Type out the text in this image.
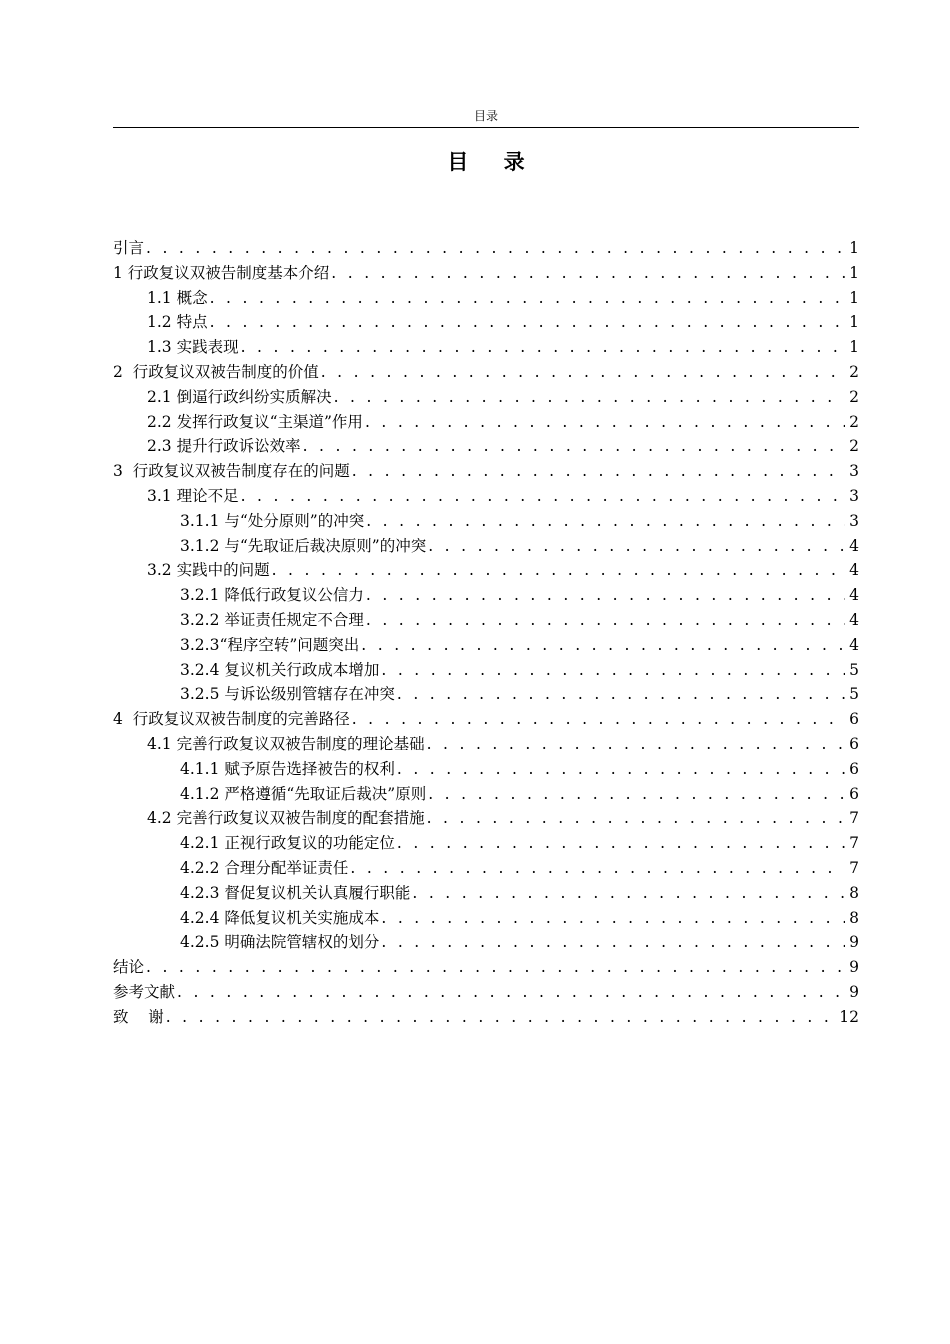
目录
目 录
引言 . . .	1
1 行政复议双被告制度基本介绍 . . .	1
1.1 概念 . . .	1
1.2 特点 . . .	1
1.3 实践表现 . . .	1
2  行政复议双被告制度的价值 . . .	2
2.1 倒逼行政纠纷实质解决 . . .	2
2.2 发挥行政复议“主渠道”作用 . . .	2
2.3 提升行政诉讼效率 . . .	2
3  行政复议双被告制度存在的问题 . . .	3
3.1 理论不足 . . .	3
3.1.1 与“处分原则”的冲突 . . .	3
3.1.2 与“先取证后裁决原则”的冲突 . . .	4
3.2 实践中的问题 . . .	4
3.2.1 降低行政复议公信力 . . .	4
3.2.2 举证责任规定不合理 . . .	4
3.2.3“程序空转”问题突出 . . .	4
3.2.4 复议机关行政成本增加 . . .	5
3.2.5 与诉讼级别管辖存在冲突 . . .	5
4  行政复议双被告制度的完善路径 . . .	6
4.1 完善行政复议双被告制度的理论基础 . . .	6
4.1.1 赋予原告选择被告的权利 . . .	6
4.1.2 严格遵循“先取证后裁决”原则 . . .	6
4.2 完善行政复议双被告制度的配套措施 . . .	7
4.2.1 正视行政复议的功能定位 . . .	7
4.2.2 合理分配举证责任 . . .	7
4.2.3 督促复议机关认真履行职能 . . .	8
4.2.4 降低复议机关实施成本 . . .	8
4.2.5 明确法院管辖权的划分 . . .	9
结论 . . .	9
参考文献 . . .	9
致    谢 . . .	12
